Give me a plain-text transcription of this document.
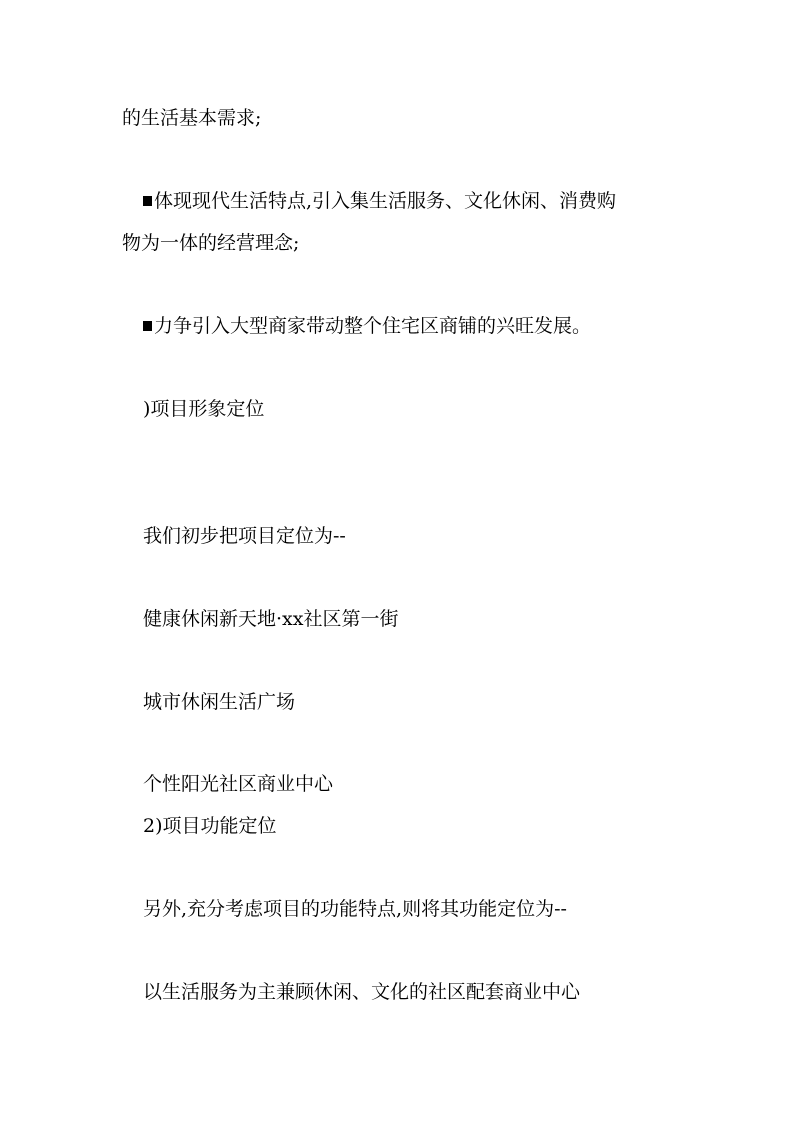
的生活基本需求;

体现现代生活特点,引入集生活服务、文化休闲、消费购

物为一体的经营理念;

力争引入大型商家带动整个住宅区商铺的兴旺发展。

)项目形象定位

我们初步把项目定位为--

健康休闲新天地·xx社区第一街

城市休闲生活广场

个性阳光社区商业中心

2)项目功能定位

另外,充分考虑项目的功能特点,则将其功能定位为--

以生活服务为主兼顾休闲、文化的社区配套商业中心
